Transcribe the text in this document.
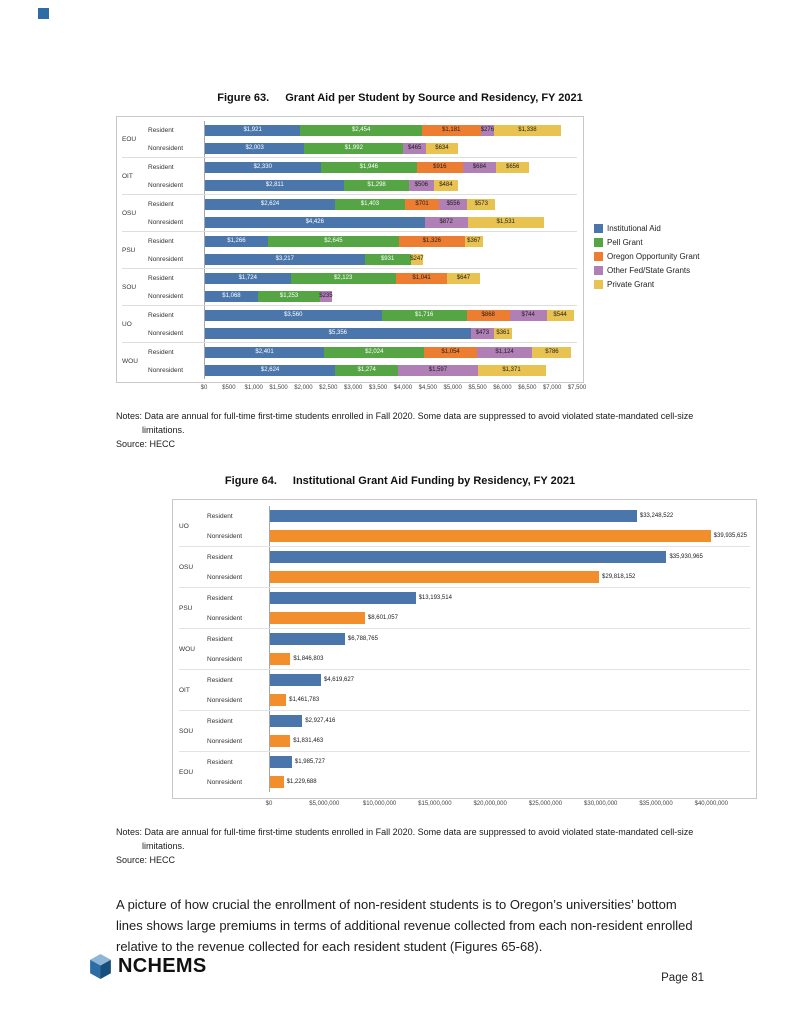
Figure 63. Grant Aid per Student by Source and Residency, FY 2021
EOU
Resident	$1,921	$2,454	$1,181	$276	$1,338
Nonresident	$2,003	$1,992	$465 $634
OIT
Resident	$2,330	$1,946	$916	$684	$656
Nonresident	$2,811	$1,298	$506 $484
OSU
Resident	$2,624	$1,403	$701	$556 $573
Nonresident	$4,426	$872	$1,531
PSU
Resident	$1,266	$2,645	$1,326	$367
Nonresident	$3,217	$931	$247
SOU
Resident	$1,724	$2,123	$1,041	$647
Nonresident	$1,068	$1,253	$235
UO
Resident	$3,560	$1,716	$868	$744	$544
Nonresident	$5,356	$473 $361
WOU
Resident	$2,401	$2,024	$1,054	$1,124	$786
Nonresident	$2,624	$1,274	$1,597	$1,371
$0 $500 $1,000 $1,500 $2,000 $2,500 $3,000 $3,500 $4,000 $4,500 $5,000 $5,500 $6,000 $6,500 $7,000 $7,500
Institutional Aid
Pell Grant
Oregon Opportunity Grant
Other Fed/State Grants
Private Grant

Notes: Data are annual for full-time first-time students enrolled in Fall 2020. Some data are suppressed to avoid violated state-mandated cell-size limitations.

Source: HECC

Figure 64. Institutional Grant Aid Funding by Residency, FY 2021
UO
Resident	$33,248,522
Nonresident	$39,935,625
OSU
Resident	$35,930,965
Nonresident	$29,818,152
PSU
Resident	$13,193,514
Nonresident	$8,601,057
WOU
Resident	$6,788,765
Nonresident	$1,846,803
OIT
Resident	$4,619,627
Nonresident	$1,461,783
SOU
Resident	$2,927,416
Nonresident	$1,831,463
EOU
Resident	$1,985,727
Nonresident	$1,229,688
$0	$5,000,000	$10,000,000	$15,000,000	$20,000,000	$25,000,000	$30,000,000	$35,000,000	$40,000,000

Notes: Data are annual for full-time first-time students enrolled in Fall 2020. Some data are suppressed to avoid violated state-mandated cell-size limitations.

Source: HECC

A picture of how crucial the enrollment of non-resident students is to Oregon’s universities’ bottom lines shows large premiums in terms of additional revenue collected from each non-resident enrolled relative to the revenue collected for each resident student (Figures 65-68).

NCHEMS
Page 81
